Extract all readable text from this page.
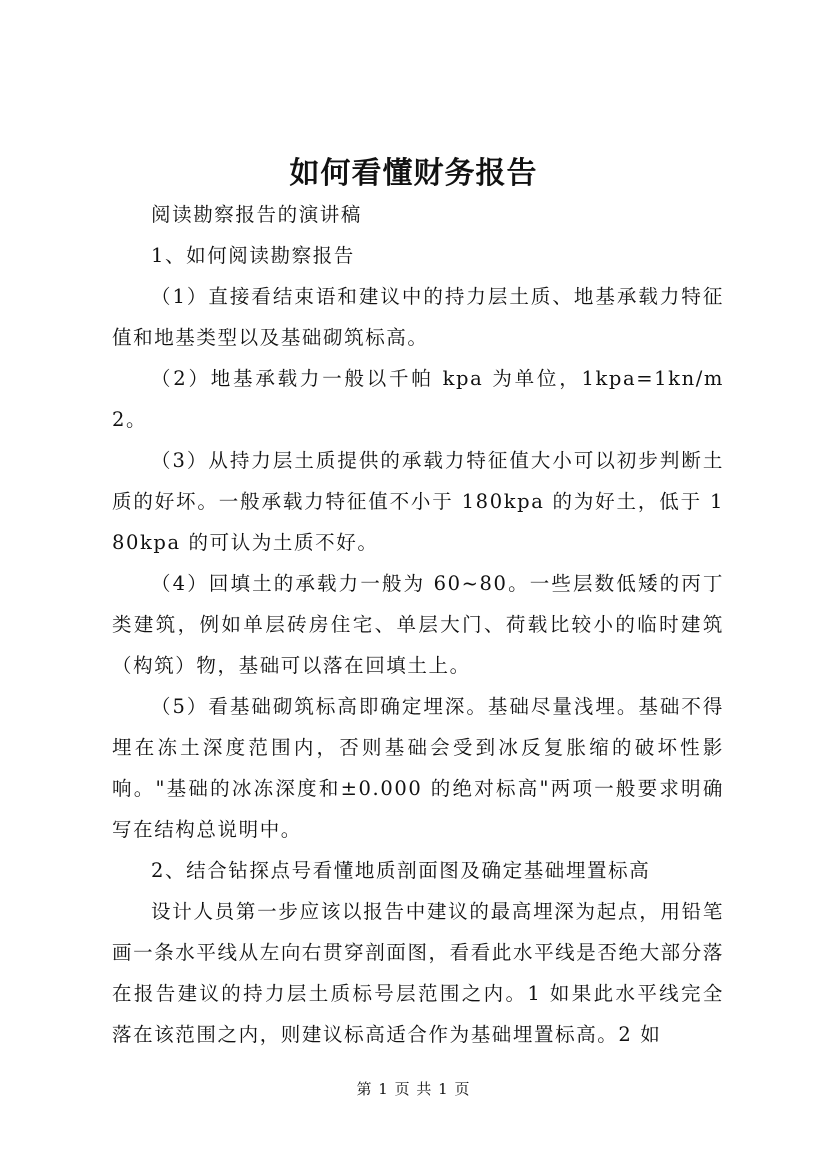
如何看懂财务报告

阅读勘察报告的演讲稿

1、如何阅读勘察报告

（1）直接看结束语和建议中的持力层土质、地基承载力特征值和地基类型以及基础砌筑标高。

（2）地基承载力一般以千帕 kpa 为单位，1kpa=1kn/m2。

（3）从持力层土质提供的承载力特征值大小可以初步判断土质的好坏。一般承载力特征值不小于 180kpa 的为好土，低于 180kpa 的可认为土质不好。

（4）回填土的承载力一般为 60~80。一些层数低矮的丙丁类建筑，例如单层砖房住宅、单层大门、荷载比较小的临时建筑（构筑）物，基础可以落在回填土上。

（5）看基础砌筑标高即确定埋深。基础尽量浅埋。基础不得埋在冻土深度范围内，否则基础会受到冰反复胀缩的破坏性影响。"基础的冰冻深度和±0.000 的绝对标高"两项一般要求明确写在结构总说明中。

2、结合钻探点号看懂地质剖面图及确定基础埋置标高

设计人员第一步应该以报告中建议的最高埋深为起点，用铅笔画一条水平线从左向右贯穿剖面图，看看此水平线是否绝大部分落在报告建议的持力层土质标号层范围之内。1 如果此水平线完全落在该范围之内，则建议标高适合作为基础埋置标高。2 如

第 1 页 共 1 页
